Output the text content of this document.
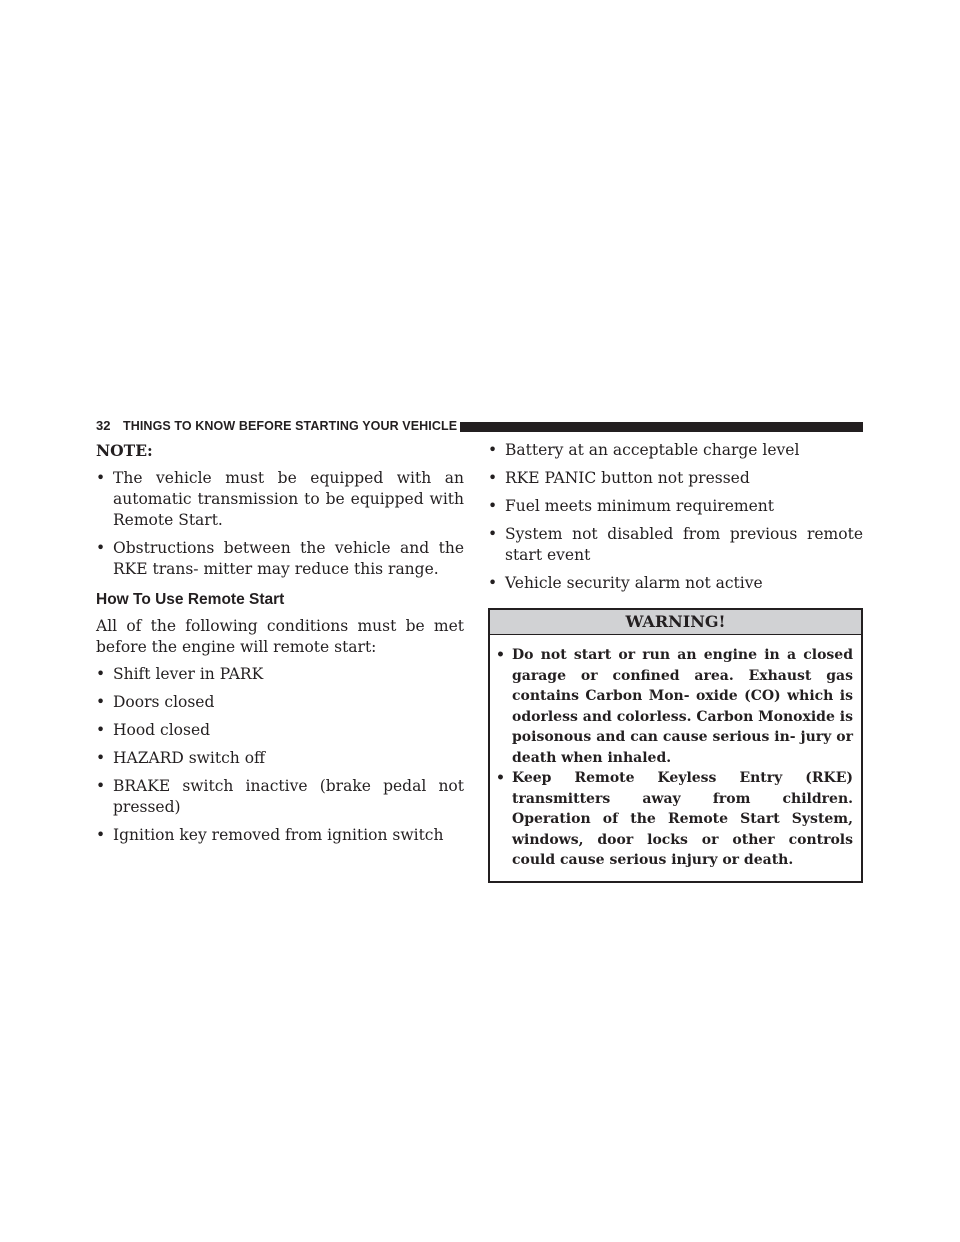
32 THINGS TO KNOW BEFORE STARTING YOUR VEHICLE
NOTE:
• The vehicle must be equipped with an automatic transmission to be equipped with Remote Start.
• Obstructions between the vehicle and the RKE trans- mitter may reduce this range.
How To Use Remote Start

All of the following conditions must be met before the engine will remote start:

• Shift lever in PARK
• Doors closed
• Hood closed
• HAZARD switch off
• BRAKE switch inactive (brake pedal not pressed)
• Ignition key removed from ignition switch
• Battery at an acceptable charge level
• RKE PANIC button not pressed
• Fuel meets minimum requirement
• System not disabled from previous remote start event
• Vehicle security alarm not active
WARNING!
• Do not start or run an engine in a closed garage or confined area. Exhaust gas contains Carbon Mon- oxide (CO) which is odorless and colorless. Carbon Monoxide is poisonous and can cause serious in- jury or death when inhaled.
• Keep Remote Keyless Entry (RKE) transmitters away from children. Operation of the Remote Start System, windows, door locks or other controls could cause serious injury or death.
